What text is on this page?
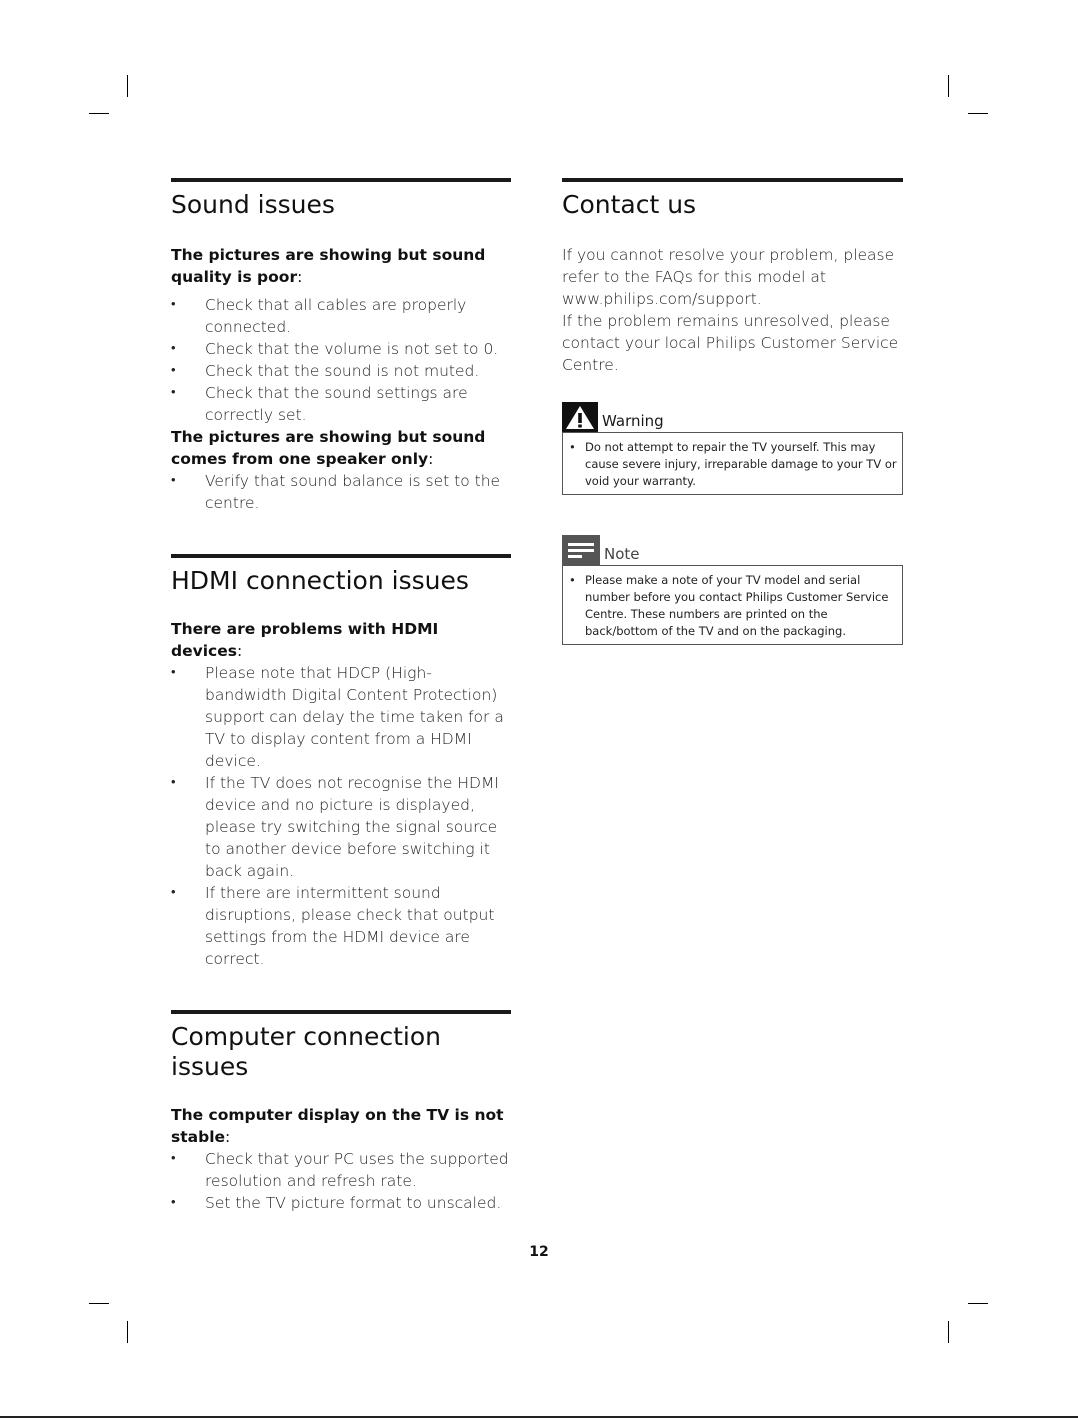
Sound issues

The pictures are showing but sound quality is poor:

• Check that all cables are properly connected.
• Check that the volume is not set to 0.
• Check that the sound is not muted.
• Check that the sound settings are correctly set.

The pictures are showing but sound comes from one speaker only:

• Verify that sound balance is set to the centre.
HDMI connection issues

There are problems with HDMI devices:

• Please note that HDCP (High-bandwidth Digital Content Protection) support can delay the time taken for a TV to display content from a HDMI device.
• If the TV does not recognise the HDMI device and no picture is displayed, please try switching the signal source to another device before switching it back again.
• If there are intermittent sound disruptions, please check that output settings from the HDMI device are correct.
Computer connection issues

The computer display on the TV is not stable:

• Check that your PC uses the supported resolution and refresh rate.
• Set the TV picture format to unscaled.
Contact us

If you cannot resolve your problem, please refer to the FAQs for this model at www.philips.com/support.

If the problem remains unresolved, please contact your local Philips Customer Service Centre.

Warning
• Do not attempt to repair the TV yourself. This may cause severe injury, irreparable damage to your TV or void your warranty.
Note
• Please make a note of your TV model and serial number before you contact Philips Customer Service Centre. These numbers are printed on the back/bottom of the TV and on the packaging.
12
